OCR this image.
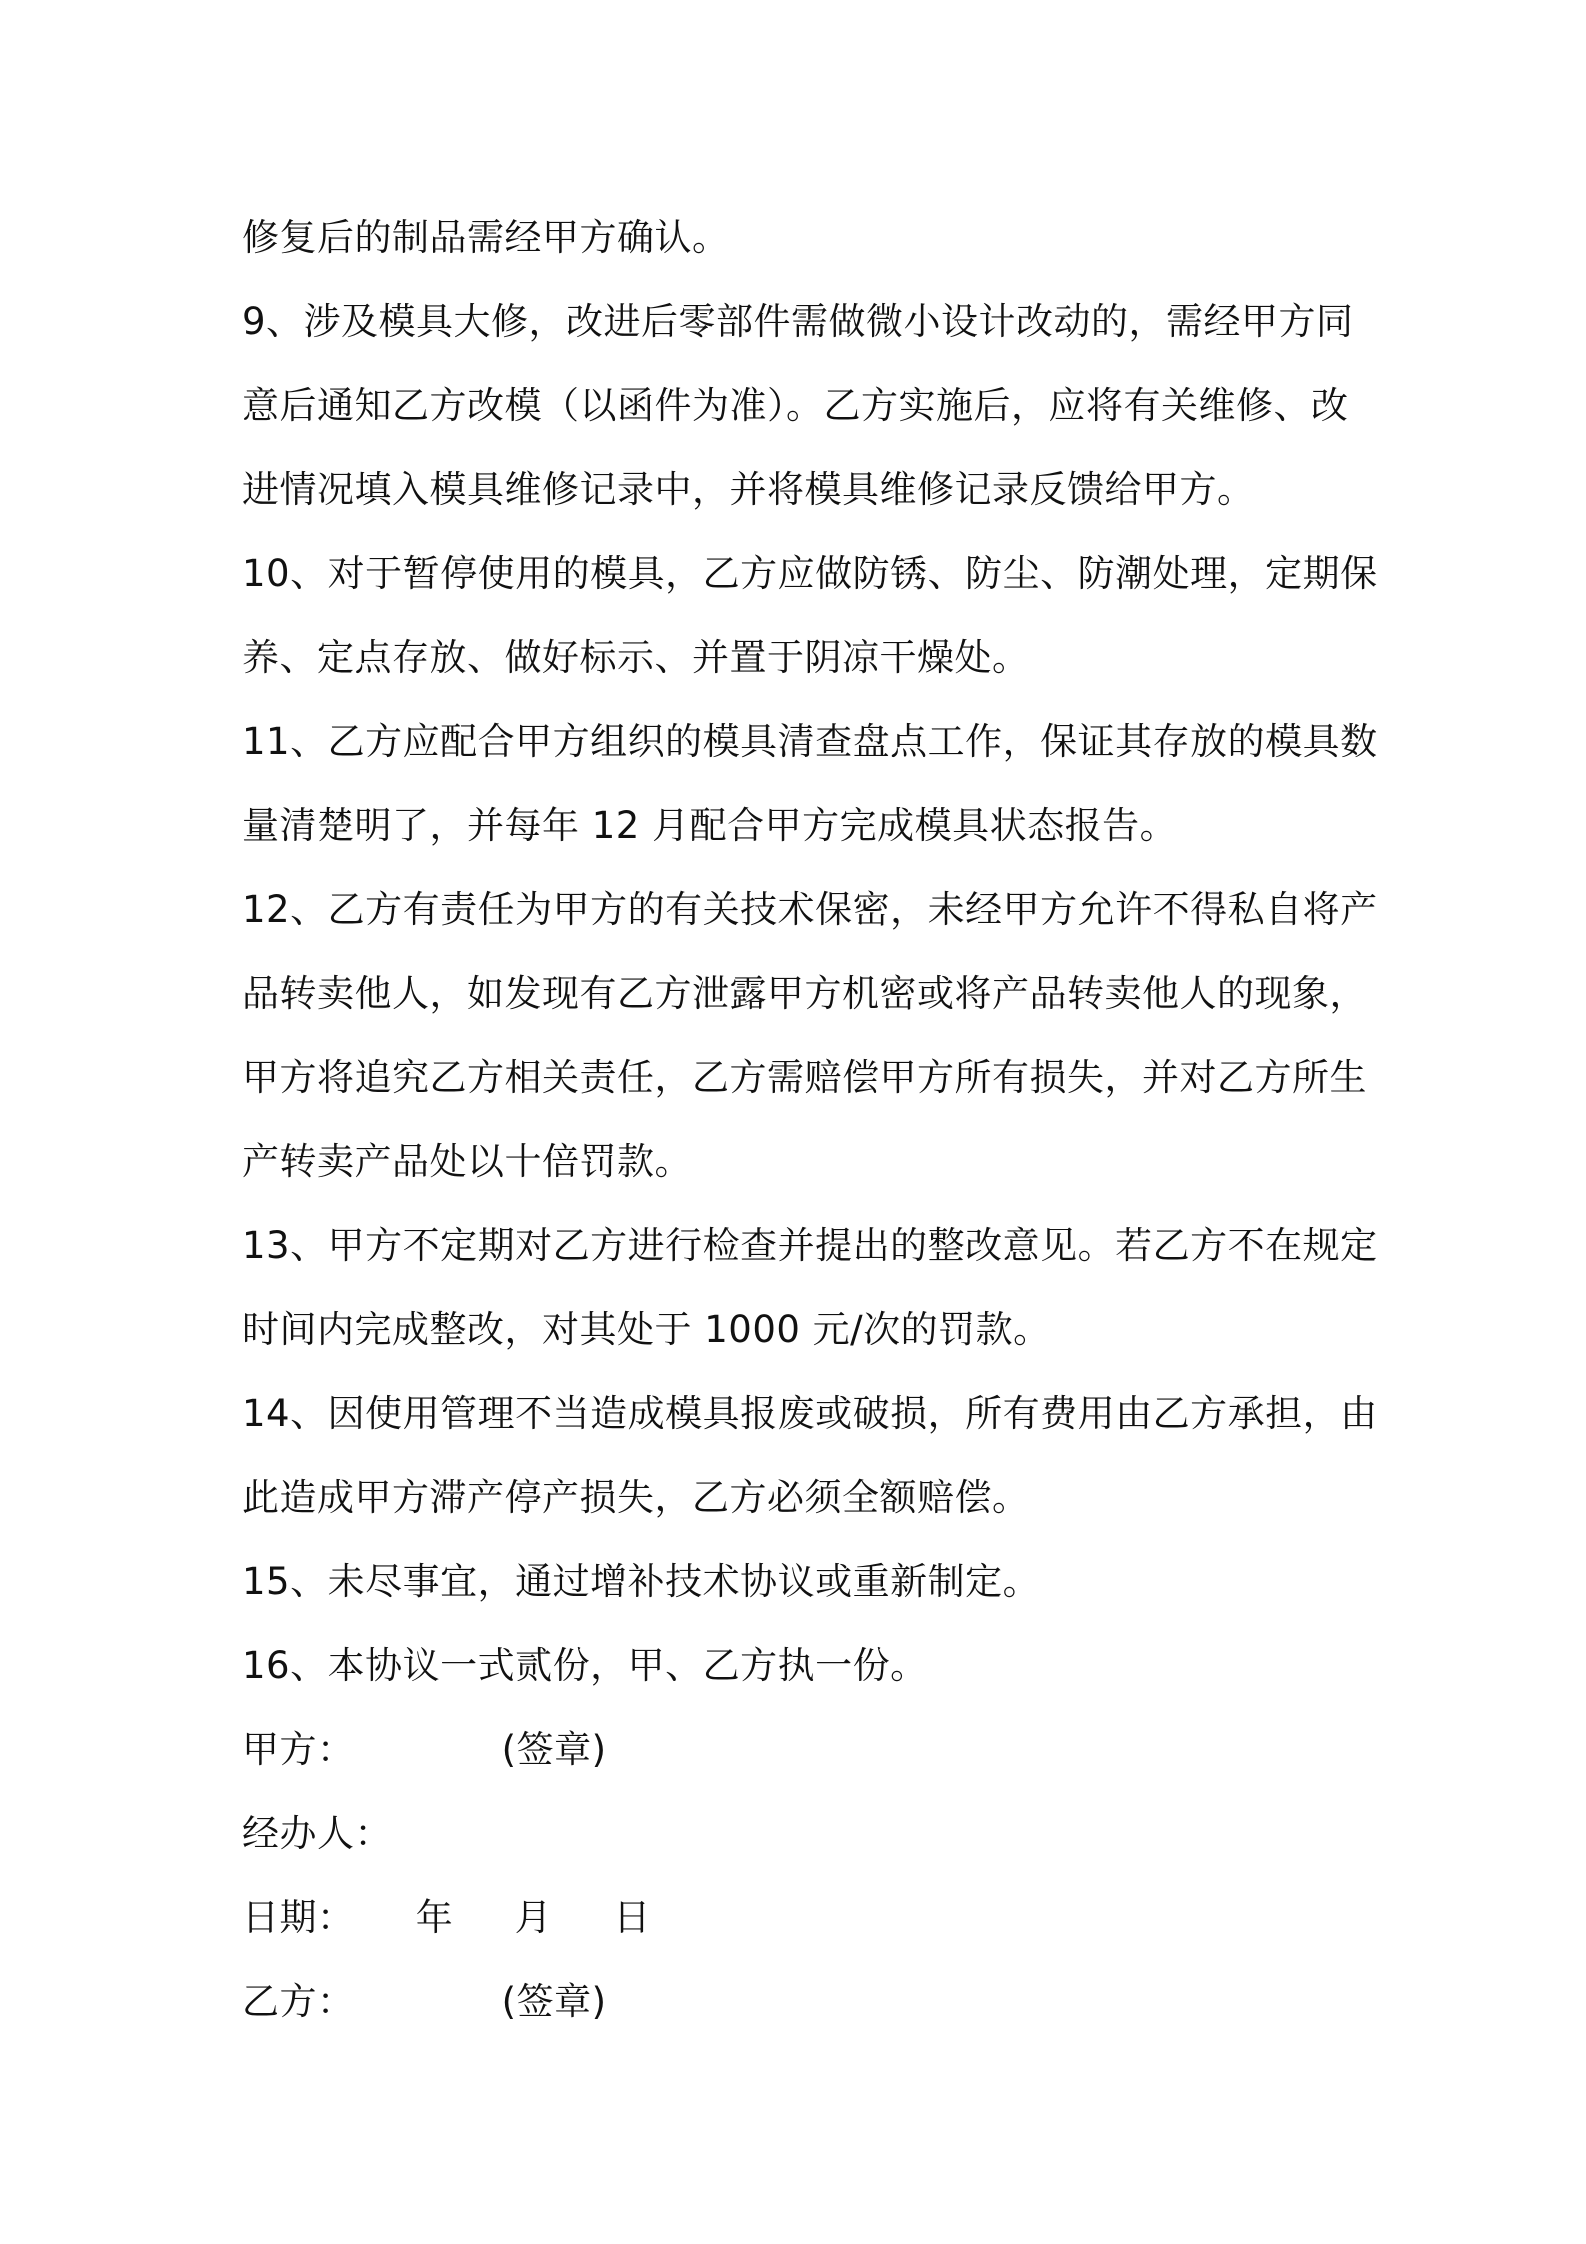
修复后的制品需经甲方确认。
9、涉及模具大修，改进后零部件需做微小设计改动的，需经甲方同
意后通知乙方改模（以函件为准）。乙方实施后，应将有关维修、改
进情况填入模具维修记录中，并将模具维修记录反馈给甲方。
10、对于暂停使用的模具，乙方应做防锈、防尘、防潮处理，定期保
养、定点存放、做好标示、并置于阴凉干燥处。
11、乙方应配合甲方组织的模具清查盘点工作，保证其存放的模具数
量清楚明了，并每年 12 月配合甲方完成模具状态报告。
12、乙方有责任为甲方的有关技术保密，未经甲方允许不得私自将产
品转卖他人，如发现有乙方泄露甲方机密或将产品转卖他人的现象，
甲方将追究乙方相关责任，乙方需赔偿甲方所有损失，并对乙方所生
产转卖产品处以十倍罚款。
13、甲方不定期对乙方进行检查并提出的整改意见。若乙方不在规定
时间内完成整改，对其处于 1000 元/次的罚款。
14、因使用管理不当造成模具报废或破损，所有费用由乙方承担，由
此造成甲方滞产停产损失，乙方必须全额赔偿。
15、未尽事宜，通过增补技术协议或重新制定。
16、本协议一式贰份，甲、乙方执一份。
甲方：            (签章)
经办人：
日期：     年     月     日
乙方：            (签章)
